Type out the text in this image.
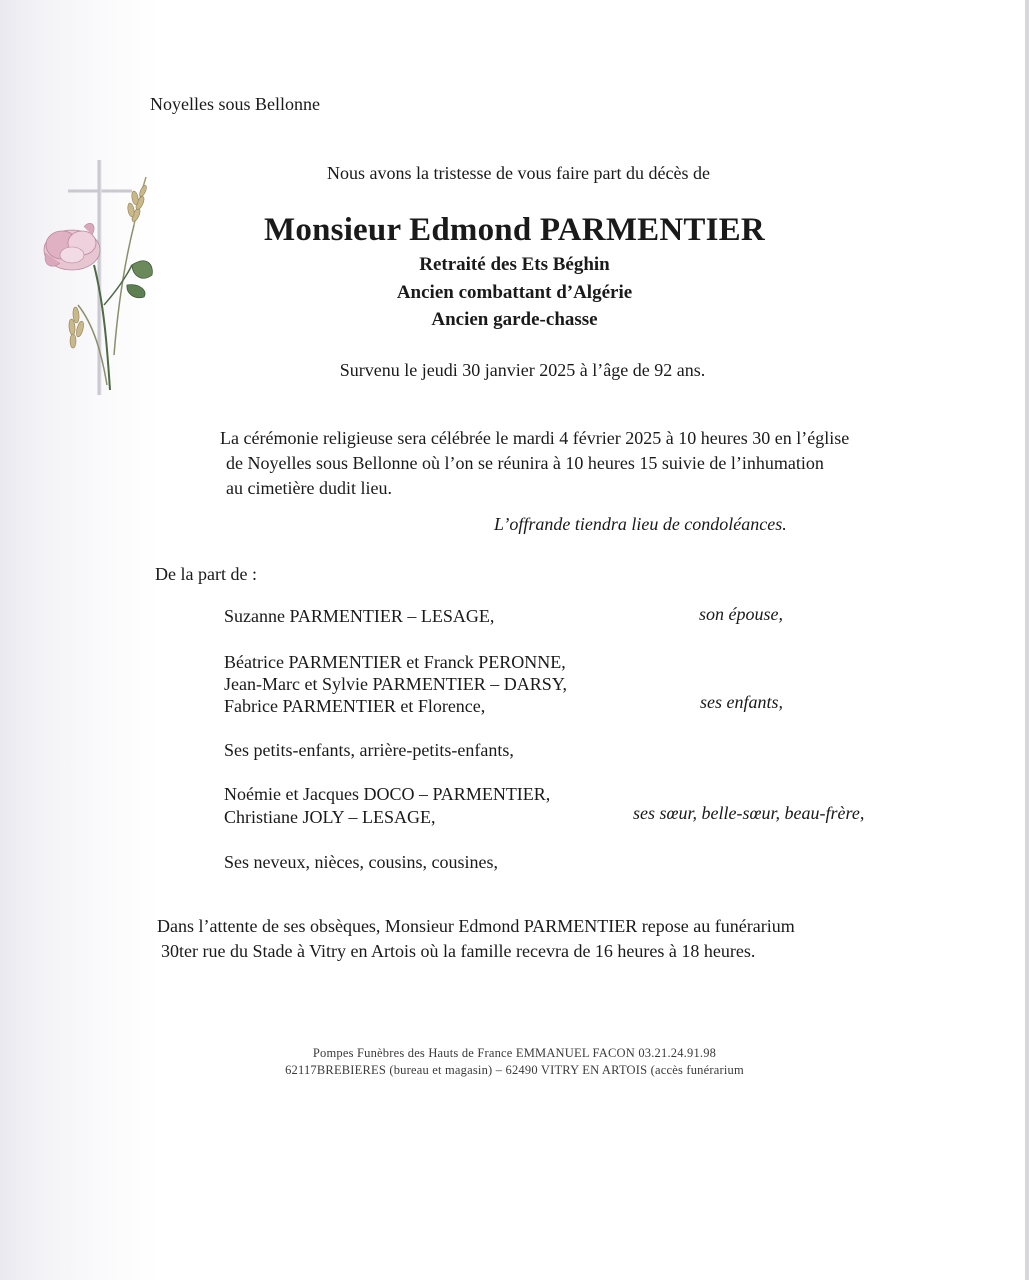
Noyelles sous Bellonne
Nous avons la tristesse de vous faire part du décès de
Monsieur Edmond PARMENTIER
Retraité des Ets Béghin
Ancien combattant d’Algérie
Ancien garde-chasse
Survenu le jeudi 30 janvier 2025 à l’âge de 92 ans.
La cérémonie religieuse sera célébrée le mardi 4 février 2025 à 10 heures 30 en l’église
de Noyelles sous Bellonne où l’on se réunira à 10 heures 15 suivie de l’inhumation
au cimetière dudit lieu.
L’offrande tiendra lieu de condoléances.
De la part de :
Suzanne PARMENTIER – LESAGE,	son épouse,
Béatrice PARMENTIER et Franck PERONNE,
Jean-Marc et Sylvie PARMENTIER – DARSY,
Fabrice PARMENTIER et Florence,	ses enfants,
Ses petits-enfants, arrière-petits-enfants,
Noémie et Jacques DOCO – PARMENTIER,
Christiane JOLY – LESAGE,	ses sœur, belle-sœur, beau-frère,
Ses neveux, nièces, cousins, cousines,
Dans l’attente de ses obsèques, Monsieur Edmond PARMENTIER repose au funérarium
30ter rue du Stade à Vitry en Artois où la famille recevra de 16 heures à 18 heures.
Pompes Funèbres des Hauts de France EMMANUEL FACON 03.21.24.91.98
62117BREBIERES (bureau et magasin) – 62490 VITRY EN ARTOIS (accès funérarium
